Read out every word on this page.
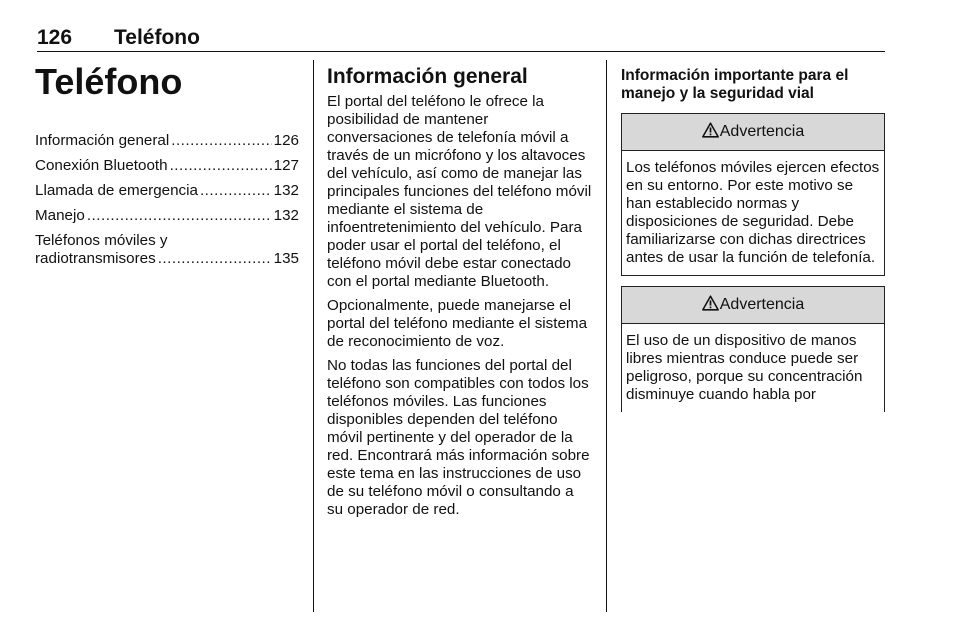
126 Teléfono
Teléfono
Información general .....	126
Conexión Bluetooth .....	127
Llamada de emergencia .....	132
Manejo .....	132
Teléfonos móviles y
radiotransmisores .....	135
Información general

El portal del teléfono le ofrece la posibilidad de mantener conversaciones de telefonía móvil a través de un micrófono y los altavoces del vehículo, así como de manejar las principales funciones del teléfono móvil mediante el sistema de infoentretenimiento del vehículo. Para poder usar el portal del teléfono, el teléfono móvil debe estar conectado con el portal mediante Bluetooth.

Opcionalmente, puede manejarse el portal del teléfono mediante el sistema de reconocimiento de voz.

No todas las funciones del portal del teléfono son compatibles con todos los teléfonos móviles. Las funciones disponibles dependen del teléfono móvil pertinente y del operador de la red. Encontrará más información sobre este tema en las instrucciones de uso de su teléfono móvil o consultando a su operador de red.

Información importante para el manejo y la seguridad vial
Advertencia
Los teléfonos móviles ejercen efectos en su entorno. Por este motivo se han establecido normas y disposiciones de seguridad. Debe familiarizarse con dichas directrices antes de usar la función de telefonía.
Advertencia
El uso de un dispositivo de manos libres mientras conduce puede ser peligroso, porque su concentración disminuye cuando habla por
